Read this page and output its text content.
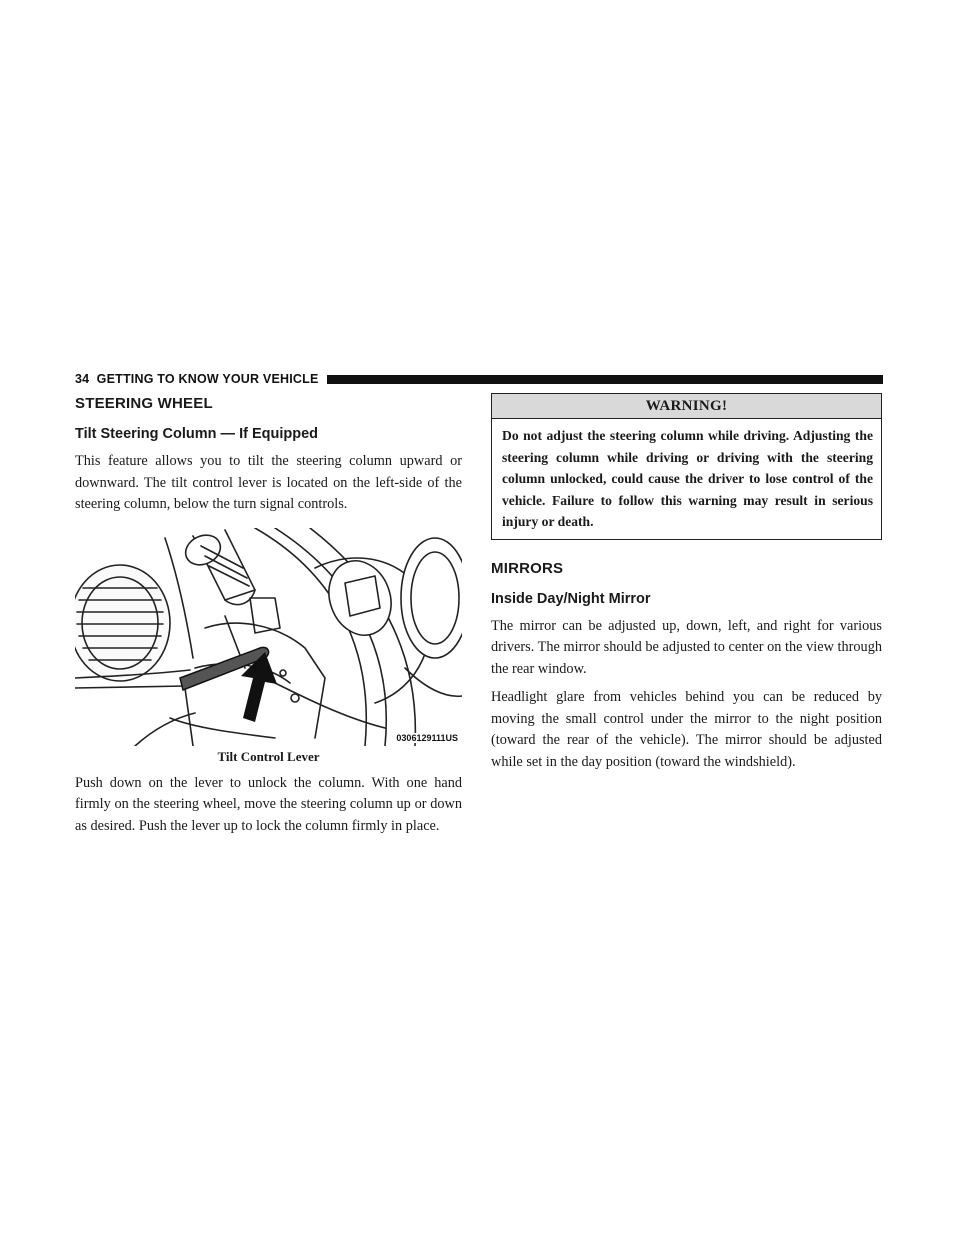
34 GETTING TO KNOW YOUR VEHICLE
STEERING WHEEL
Tilt Steering Column — If Equipped

This feature allows you to tilt the steering column upward or downward. The tilt control lever is located on the left-side of the steering column, below the turn signal controls.

0306129111US
Tilt Control Lever

Push down on the lever to unlock the column. With one hand firmly on the steering wheel, move the steering column up or down as desired. Push the lever up to lock the column firmly in place.

WARNING!
Do not adjust the steering column while driving. Adjusting the steering column while driving or driving with the steering column unlocked, could cause the driver to lose control of the vehicle. Failure to follow this warning may result in serious injury or death.
MIRRORS
Inside Day/Night Mirror

The mirror can be adjusted up, down, left, and right for various drivers. The mirror should be adjusted to center on the view through the rear window.

Headlight glare from vehicles behind you can be reduced by moving the small control under the mirror to the night position (toward the rear of the vehicle). The mirror should be adjusted while set in the day position (toward the windshield).
